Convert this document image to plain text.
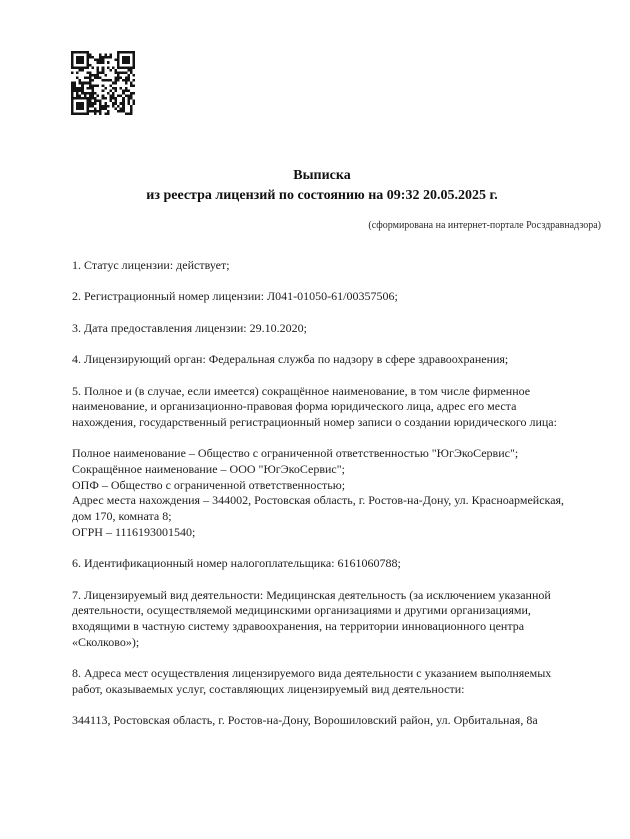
Выписка
из реестра лицензий по состоянию на 09:32 20.05.2025 г.
(сформирована на интернет-портале Росздравнадзора)
1. Статус лицензии: действует;
2. Регистрационный номер лицензии: Л041-01050-61/00357506;
3. Дата предоставления лицензии: 29.10.2020;
4. Лицензирующий орган: Федеральная служба по надзору в сфере здравоохранения;
5. Полное и (в случае, если имеется) сокращённое наименование, в том числе фирменное
наименование, и организационно-правовая форма юридического лица, адрес его места
нахождения, государственный регистрационный номер записи о создании юридического лица:
Полное наименование – Общество с ограниченной ответственностью "ЮгЭкоСервис";
Сокращённое наименование – ООО "ЮгЭкоСервис";
ОПФ – Общество с ограниченной ответственностью;
Адрес места нахождения – 344002, Ростовская область, г. Ростов-на-Дону, ул. Красноармейская,
дом 170, комната 8;
ОГРН – 1116193001540;
6. Идентификационный номер налогоплательщика: 6161060788;
7. Лицензируемый вид деятельности: Медицинская деятельность (за исключением указанной
деятельности, осуществляемой медицинскими организациями и другими организациями,
входящими в частную систему здравоохранения, на территории инновационного центра
«Сколково»);
8. Адреса мест осуществления лицензируемого вида деятельности с указанием выполняемых
работ, оказываемых услуг, составляющих лицензируемый вид деятельности:
344113, Ростовская область, г. Ростов-на-Дону, Ворошиловский район, ул. Орбитальная, 8а
